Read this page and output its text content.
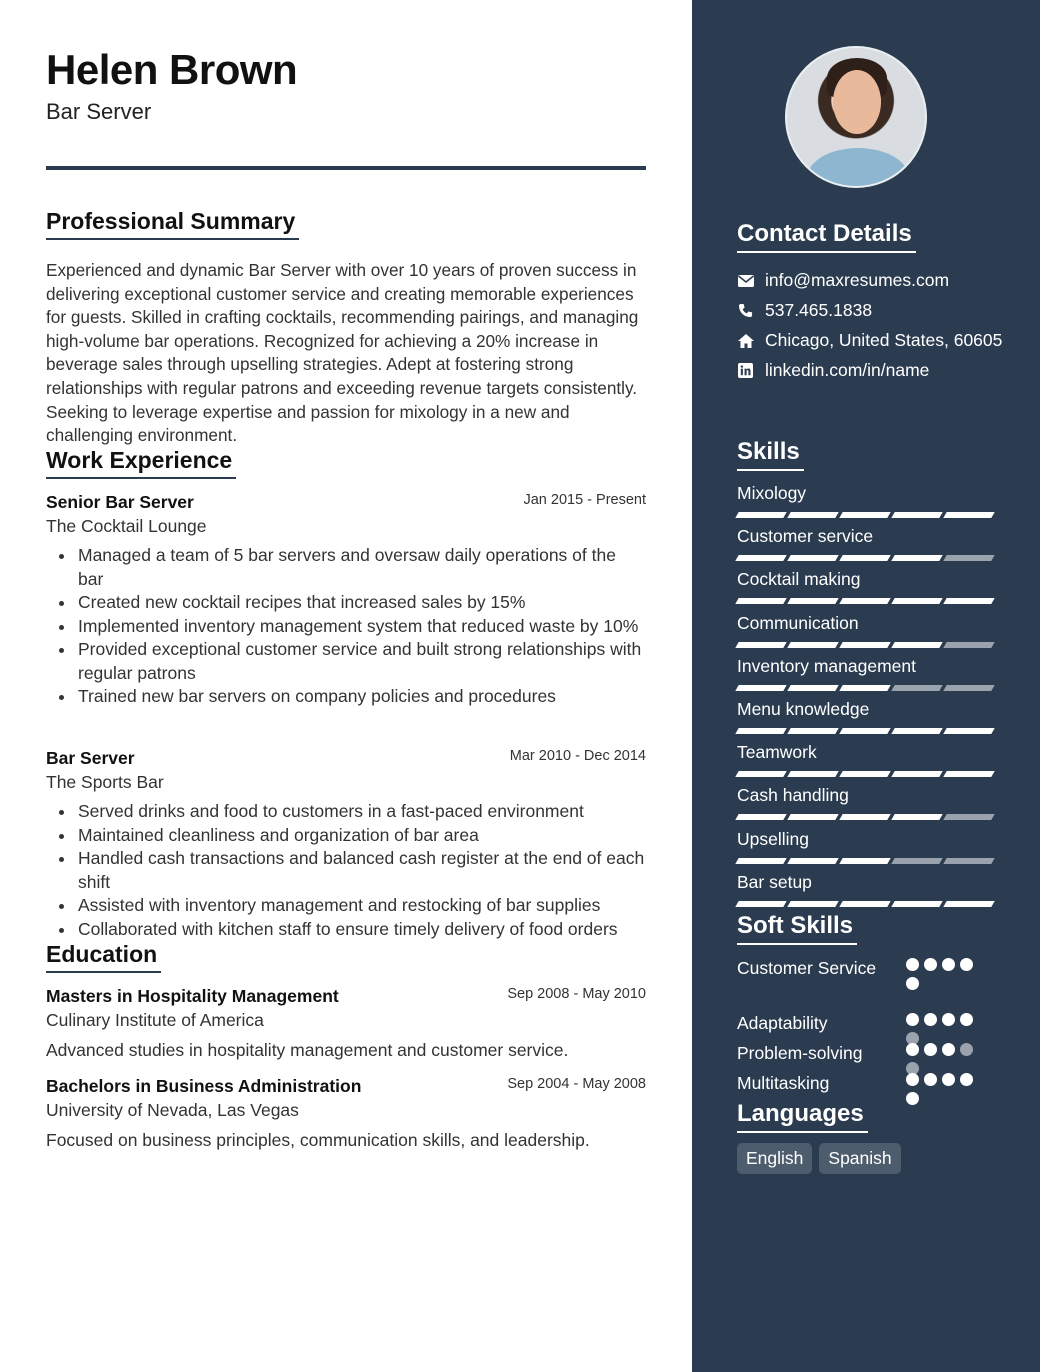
Helen Brown
Bar Server
Professional Summary
Experienced and dynamic Bar Server with over 10 years of proven success in delivering exceptional customer service and creating memorable experiences for guests. Skilled in crafting cocktails, recommending pairings, and managing high-volume bar operations. Recognized for achieving a 20% increase in beverage sales through upselling strategies. Adept at fostering strong relationships with regular patrons and exceeding revenue targets consistently. Seeking to leverage expertise and passion for mixology in a new and challenging environment.
Work Experience
Senior Bar Server	Jan 2015 - Present
The Cocktail Lounge
Managed a team of 5 bar servers and oversaw daily operations of the bar
Created new cocktail recipes that increased sales by 15%
Implemented inventory management system that reduced waste by 10%
Provided exceptional customer service and built strong relationships with regular patrons
Trained new bar servers on company policies and procedures
Bar Server	Mar 2010 - Dec 2014
The Sports Bar
Served drinks and food to customers in a fast-paced environment
Maintained cleanliness and organization of bar area
Handled cash transactions and balanced cash register at the end of each shift
Assisted with inventory management and restocking of bar supplies
Collaborated with kitchen staff to ensure timely delivery of food orders
Education
Masters in Hospitality Management	Sep 2008 - May 2010
Culinary Institute of America
Advanced studies in hospitality management and customer service.
Bachelors in Business Administration	Sep 2004 - May 2008
University of Nevada, Las Vegas
Focused on business principles, communication skills, and leadership.
Contact Details
info@maxresumes.com
537.465.1838
Chicago, United States, 60605
linkedin.com/in/name
Skills
Mixology
Customer service
Cocktail making
Communication
Inventory management
Menu knowledge
Teamwork
Cash handling
Upselling
Bar setup
Soft Skills
Customer Service
Adaptability
Problem-solving
Multitasking
Languages
English	Spanish
